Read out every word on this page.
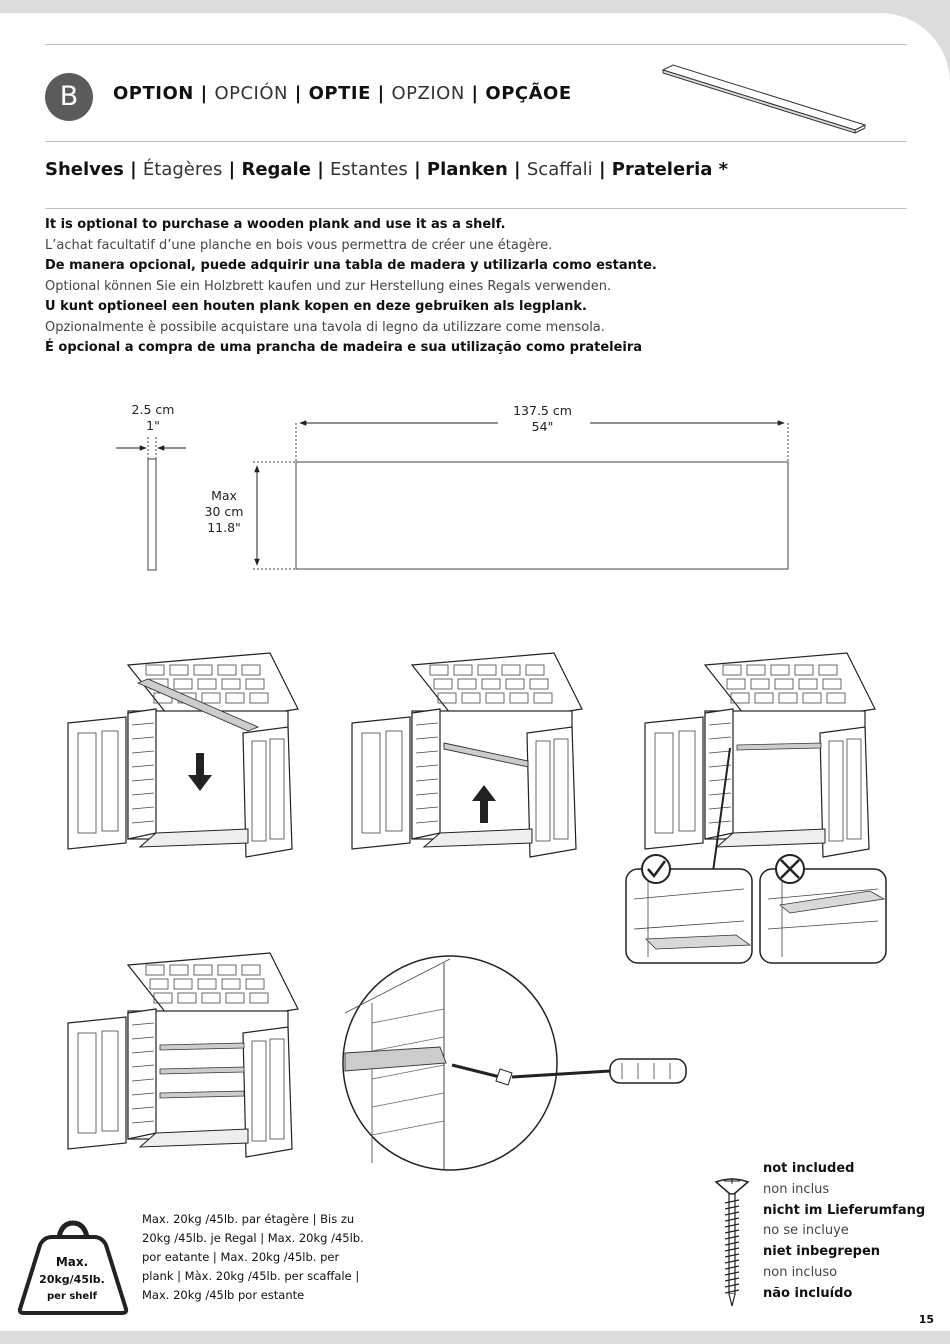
B	OPTION | OPCIÓN | OPTIE | OPZION | OPÇÃOE
Shelves | Étagères | Regale | Estantes | Planken | Scaffali | Prateleria *
It is optional to purchase a wooden plank and use it as a shelf.
L’achat facultatif d’une planche en bois vous permettra de créer une étagère.
De manera opcional, puede adquirir una tabla de madera y utilizarla como estante.
Optional können Sie ein Holzbrett kaufen und zur Herstellung eines Regals verwenden.
U kunt optioneel een houten plank kopen en deze gebruiken als legplank.
Opzionalmente è possibile acquistare una tavola di legno da utilizzare come mensola.
É opcional a compra de uma prancha de madeira e sua utilização como prateleira
2.5 cm
1"
137.5 cm
54"
Max
30 cm
11.8"
Max.
20kg/45lb.
per shelf
Max. 20kg /45lb. par étagère | Bis zu 20kg /45lb. je Regal | Max. 20kg /45lb. por eatante | Max. 20kg /45lb. per plank | Màx. 20kg /45lb. per scaffale | Max. 20kg /45lb por estante
not included
non inclus
nicht im Lieferumfang
no se incluye
niet inbegrepen
non incluso
não incluído
15
